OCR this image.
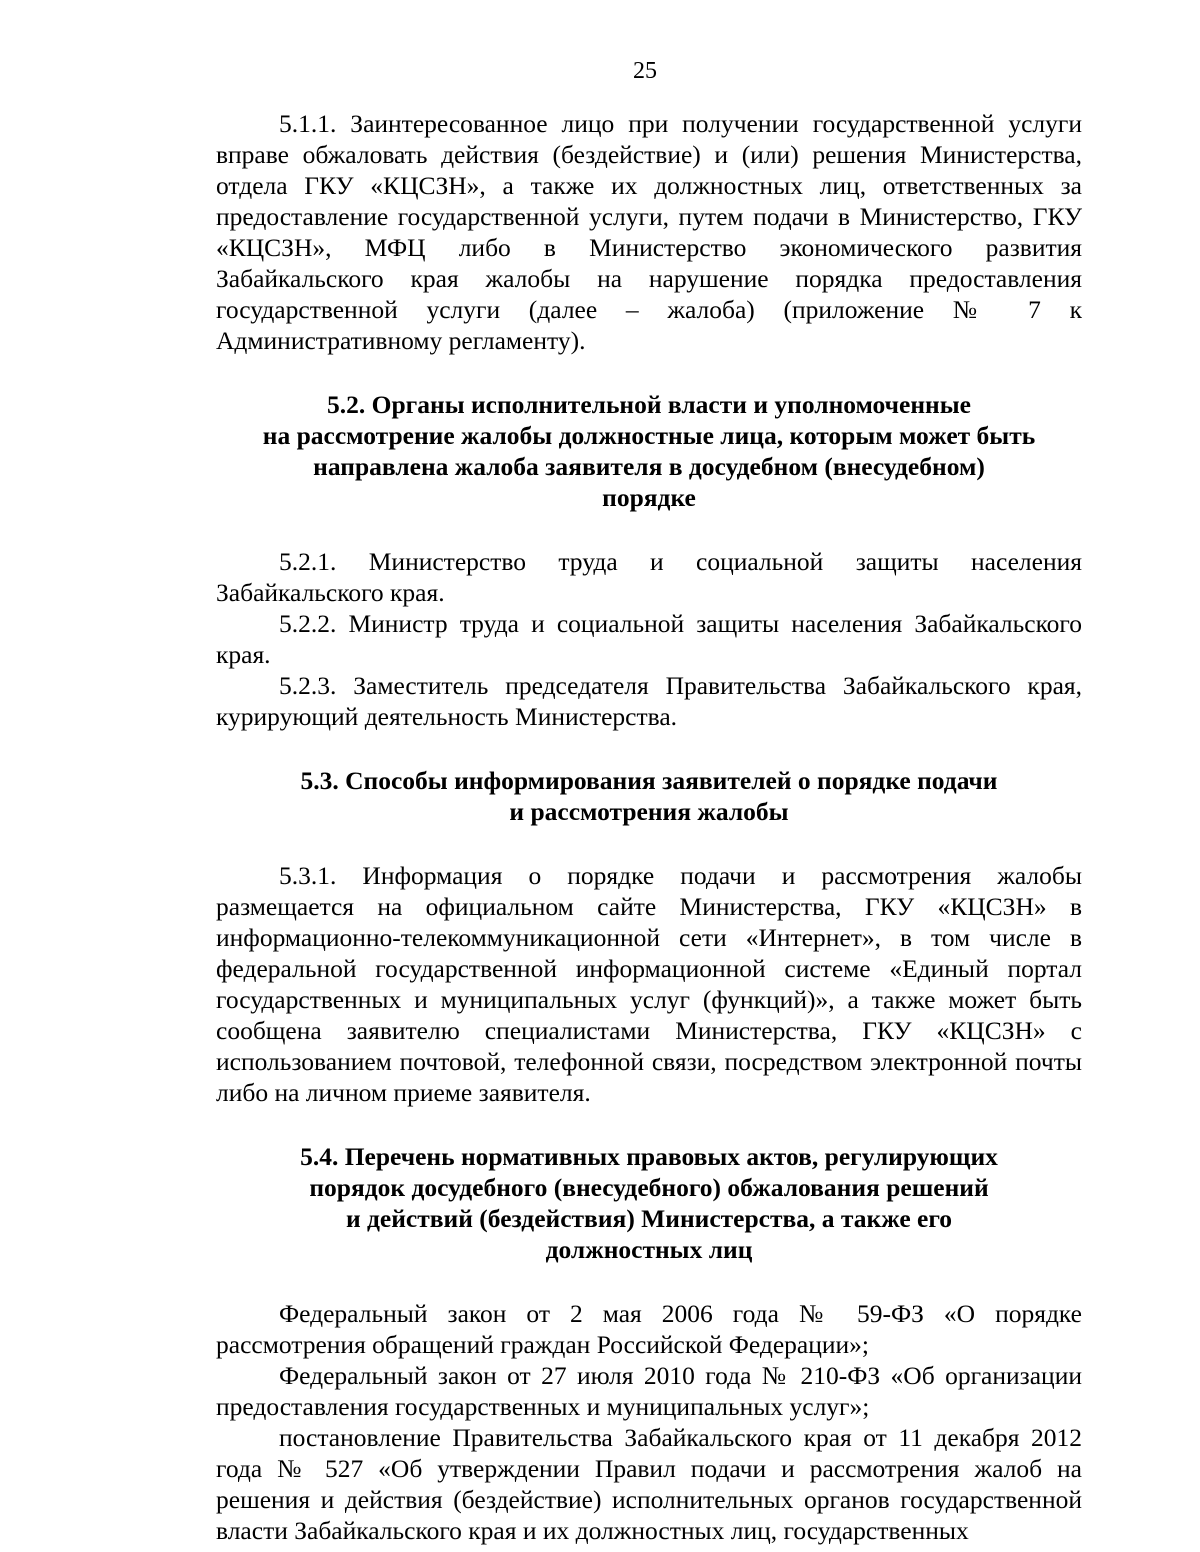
25

5.1.1. Заинтересованное лицо при получении государственной услуги вправе обжаловать действия (бездействие) и (или) решения Министерства, отдела ГКУ «КЦСЗН», а также их должностных лиц, ответственных за предоставление государственной услуги, путем подачи в Министерство, ГКУ «КЦСЗН», МФЦ либо в Министерство экономического развития Забайкальского края жалобы на нарушение порядка предоставления государственной услуги (далее – жалоба) (приложение № 7 к Административному регламенту).

5.2. Органы исполнительной власти и уполномоченные
на рассмотрение жалобы должностные лица, которым может быть
направлена жалоба заявителя в досудебном (внесудебном)
порядке

5.2.1. Министерство труда и социальной защиты населения Забайкальского края.

5.2.2. Министр труда и социальной защиты населения Забайкальского края.

5.2.3. Заместитель председателя Правительства Забайкальского края, курирующий деятельность Министерства.

5.3. Способы информирования заявителей о порядке подачи
и рассмотрения жалобы

5.3.1. Информация о порядке подачи и рассмотрения жалобы размещается на официальном сайте Министерства, ГКУ «КЦСЗН» в информационно-телекоммуникационной сети «Интернет», в том числе в федеральной государственной информационной системе «Единый портал государственных и муниципальных услуг (функций)», а также может быть сообщена заявителю специалистами Министерства, ГКУ «КЦСЗН» с использованием почтовой, телефонной связи, посредством электронной почты либо на личном приеме заявителя.

5.4. Перечень нормативных правовых актов, регулирующих
порядок досудебного (внесудебного) обжалования решений
и действий (бездействия) Министерства, а также его
должностных лиц

Федеральный закон от 2 мая 2006 года № 59-ФЗ «О порядке рассмотрения обращений граждан Российской Федерации»;

Федеральный закон от 27 июля 2010 года № 210-ФЗ «Об организации предоставления государственных и муниципальных услуг»;

постановление Правительства Забайкальского края от 11 декабря 2012 года № 527 «Об утверждении Правил подачи и рассмотрения жалоб на решения и действия (бездействие) исполнительных органов государственной власти Забайкальского края и их должностных лиц, государственных
